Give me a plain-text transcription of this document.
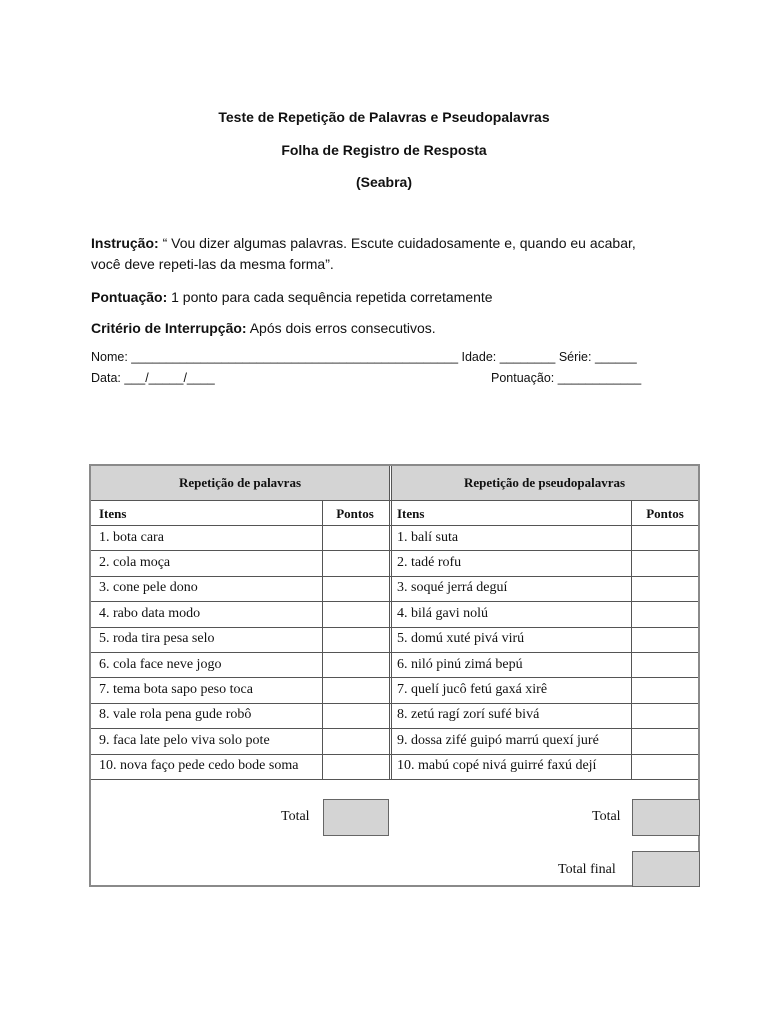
Teste de Repetição de Palavras e Pseudopalavras
Folha de Registro de Resposta
(Seabra)
Instrução: “ Vou dizer algumas palavras. Escute cuidadosamente e, quando eu acabar,
você deve repeti-las da mesma forma”.
Pontuação: 1 ponto para cada sequência repetida corretamente
Critério de Interrupção: Após dois erros consecutivos.
Nome: _______________________________________________ Idade: ________ Série: ______
Data: ___/_____/____	Pontuação: ____________
Repetição de palavras	Repetição de pseudopalavras
Itens	Pontos	Itens	Pontos
1. bota cara	1. balí suta
2. cola moça	2. tadé rofu
3. cone pele dono	3. soqué jerrá deguí
4. rabo data modo	4. bilá gavi nolú
5. roda tira pesa selo	5. domú xuté pivá virú
6. cola face neve jogo	6. niló pinú zimá bepú
7. tema bota sapo peso toca	7. quelí jucô fetú gaxá xirê
8. vale rola pena gude robô	8. zetú ragí zorí sufé bivá
9. faca late pelo viva solo pote	9. dossa zifé guipó marrú quexí juré
10. nova faço pede cedo bode soma	10. mabú copé nivá guirré faxú dejí
Total	Total
Total final
